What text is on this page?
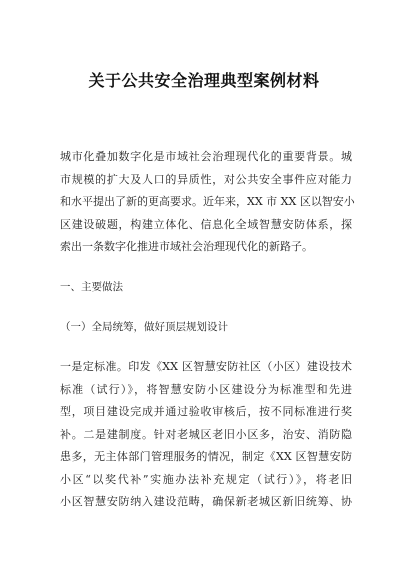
关于公共安全治理典型案例材料
城市化叠加数字化是市域社会治理现代化的重要背景。城
市规模的扩大及人口的异质性，对公共安全事件应对能力
和水平提出了新的更高要求。近年来，XX 市 XX 区以智安小
区建设破题，构建立体化、信息化全域智慧安防体系，探
索出一条数字化推进市域社会治理现代化的新路子。

一、主要做法

（一）全局统筹，做好顶层规划设计

一是定标准。印发《XX 区智慧安防社区（小区）建设技术
标准（试行）》，将智慧安防小区建设分为标准型和先进
型，项目建设完成并通过验收审核后，按不同标准进行奖
补。二是建制度。针对老城区老旧小区多，治安、消防隐
患多，无主体部门管理服务的情况，制定《XX 区智慧安防
小区“以奖代补”实施办法补充规定（试行）》，将老旧
小区智慧安防纳入建设范畴，确保新老城区新旧统筹、协
